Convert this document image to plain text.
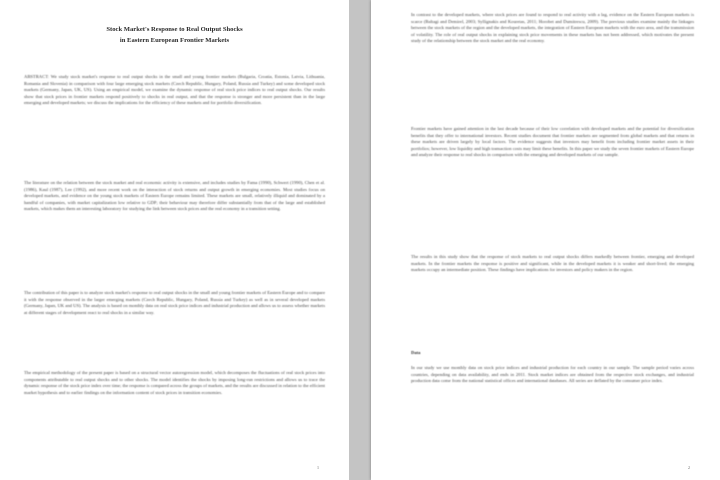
Stock Market's Response to Real Output Shocks
in Eastern European Frontier Markets
ABSTRACT: We study stock market's response to real output shocks in the small and young frontier markets (Bulgaria, Croatia, Estonia, Latvia, Lithuania, Romania and Slovenia) in comparison with four large emerging stock markets (Czech Republic, Hungary, Poland, Russia and Turkey) and some developed stock markets (Germany, Japan, UK, US). Using an empirical model, we examine the dynamic response of real stock price indices to real output shocks. Our results show that stock prices in frontier markets respond positively to shocks in real output, and that the response is stronger and more persistent than in the large emerging and developed markets; we discuss the implications for the efficiency of these markets and for portfolio diversification.
The literature on the relation between the stock market and real economic activity is extensive, and includes studies by Fama (1990), Schwert (1990), Chen et al. (1986), Kaul (1987), Lee (1992), and more recent work on the interaction of stock returns and output growth in emerging economies. Most studies focus on developed markets, and evidence on the young stock markets of Eastern Europe remains limited. These markets are small, relatively illiquid and dominated by a handful of companies, with market capitalization low relative to GDP; their behaviour may therefore differ substantially from that of the large and established markets, which makes them an interesting laboratory for studying the link between stock prices and the real economy in a transition setting.
The contribution of this paper is to analyze stock market's response to real output shocks in the small and young frontier markets of Eastern Europe and to compare it with the response observed in the larger emerging markets (Czech Republic, Hungary, Poland, Russia and Turkey) as well as in several developed markets (Germany, Japan, UK and US). The analysis is based on monthly data on real stock price indices and industrial production and allows us to assess whether markets at different stages of development react to real shocks in a similar way.
The empirical methodology of the present paper is based on a structural vector autoregression model, which decomposes the fluctuations of real stock prices into components attributable to real output shocks and to other shocks. The model identifies the shocks by imposing long-run restrictions and allows us to trace the dynamic response of the stock price index over time; the response is compared across the groups of markets, and the results are discussed in relation to the efficient market hypothesis and to earlier findings on the information content of stock prices in transition economies.
1
In contrast to the developed markets, where stock prices are found to respond to real activity with a lag, evidence on the Eastern European markets is scarce (Baltagi and Demirel, 2003; Syllignakis and Kouretas, 2011; Horobet and Dumitrescu, 2009). The previous studies examine mainly the linkages between the stock markets of the region and the developed markets, the integration of Eastern European markets with the euro area, and the transmission of volatility. The role of real output shocks in explaining stock price movements in these markets has not been addressed, which motivates the present study of the relationship between the stock market and the real economy.
Frontier markets have gained attention in the last decade because of their low correlation with developed markets and the potential for diversification benefits that they offer to international investors. Recent studies document that frontier markets are segmented from global markets and that returns in these markets are driven largely by local factors. The evidence suggests that investors may benefit from including frontier market assets in their portfolios; however, low liquidity and high transaction costs may limit these benefits. In this paper we study the seven frontier markets of Eastern Europe and analyze their response to real shocks in comparison with the emerging and developed markets of our sample.
The results in this study show that the response of stock markets to real output shocks differs markedly between frontier, emerging and developed markets. In the frontier markets the response is positive and significant, while in the developed markets it is weaker and short-lived; the emerging markets occupy an intermediate position. These findings have implications for investors and policy makers in the region.
Data
In our study we use monthly data on stock price indices and industrial production for each country in our sample. The sample period varies across countries, depending on data availability, and ends in 2011. Stock market indices are obtained from the respective stock exchanges, and industrial production data come from the national statistical offices and international databases. All series are deflated by the consumer price index.
2
